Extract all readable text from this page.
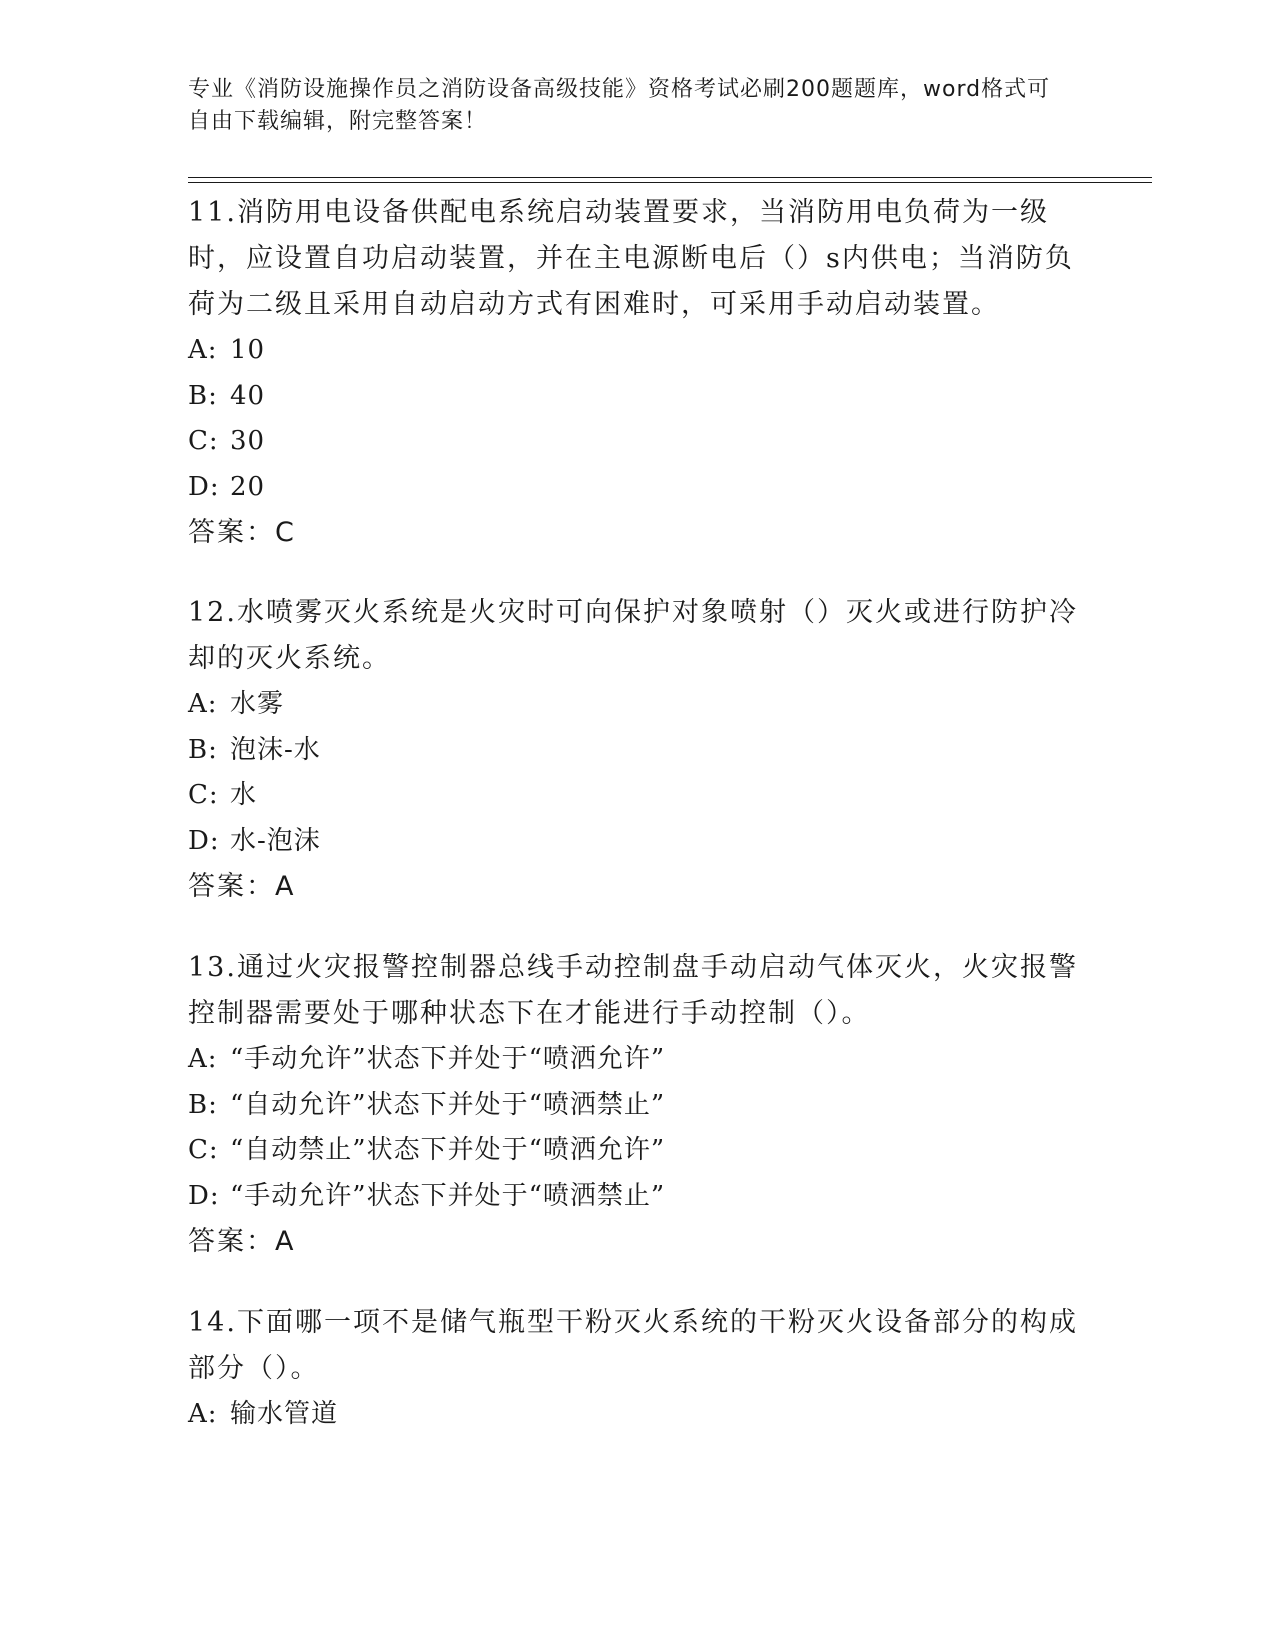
专业《消防设施操作员之消防设备高级技能》资格考试必刷200题题库，word格式可自由下载编辑，附完整答案！

11.消防用电设备供配电系统启动装置要求，当消防用电负荷为一级时，应设置自功启动装置，并在主电源断电后（）s内供电；当消防负荷为二级且采用自动启动方式有困难时，可采用手动启动装置。

A: 10
B: 40
C: 30
D: 20

答案：C

12.水喷雾灭火系统是火灾时可向保护对象喷射（）灭火或进行防护冷却的灭火系统。

A: 水雾
B: 泡沫-水
C: 水
D: 水-泡沫

答案：A

13.通过火灾报警控制器总线手动控制盘手动启动气体灭火，火灾报警控制器需要处于哪种状态下在才能进行手动控制（）。

A: “手动允许”状态下并处于“喷洒允许”
B: “自动允许”状态下并处于“喷洒禁止”
C: “自动禁止”状态下并处于“喷洒允许”
D: “手动允许”状态下并处于“喷洒禁止”

答案：A

14.下面哪一项不是储气瓶型干粉灭火系统的干粉灭火设备部分的构成部分（）。

A: 输水管道
